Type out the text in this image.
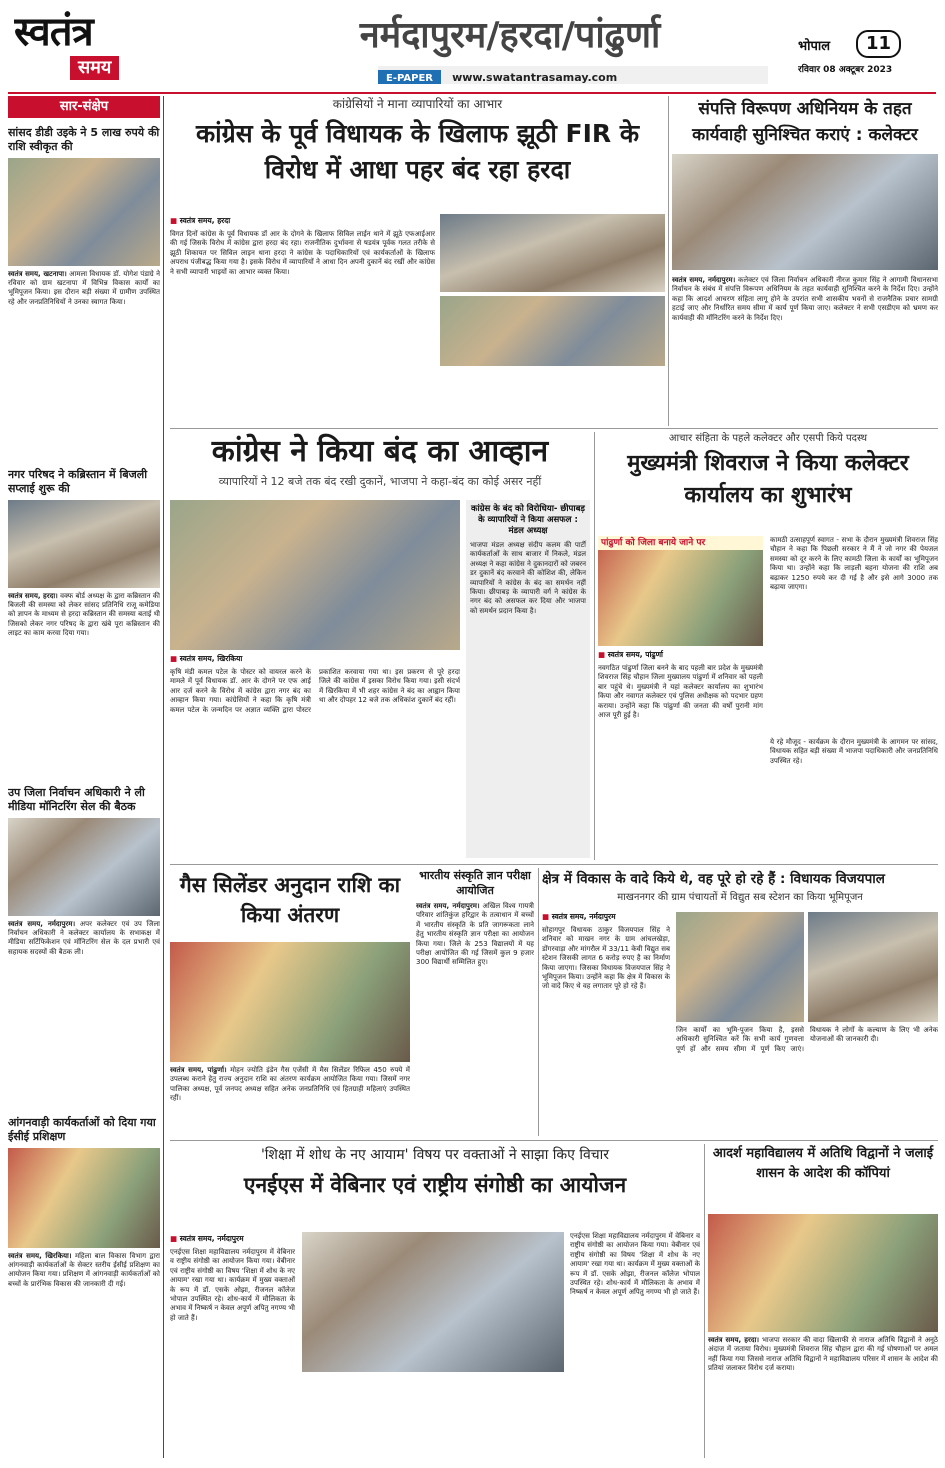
स्वतंत्र
समय
नर्मदापुरम/हरदा/पांढुर्णा
E-PAPER www.swatantrasamay.com
भोपाल	11
रविवार 08 अक्टूबर 2023
सार-संक्षेप
सांसद डीडी उइके ने 5 लाख रुपये की राशि स्वीकृत की
स्वतंत्र समय, खटनापा। आमला विधायक डॉ. योगेश पंडाग्रे ने रविवार को ग्राम खटनापा में विभिन्न विकास कार्यों का भूमिपूजन किया। इस दौरान बड़ी संख्या में ग्रामीण उपस्थित रहे और जनप्रतिनिधियों ने उनका स्वागत किया।
नगर परिषद ने कब्रिस्तान में बिजली सप्लाई शुरू की
स्वतंत्र समय, हरदा। वक्फ बोर्ड अध्यक्ष के द्वारा कब्रिस्तान की बिजली की समस्या को लेकर सांसद प्रतिनिधि राजू कमेडिया को ज्ञापन के माध्यम से हरदा कब्रिस्तान की समस्या बताई थी जिसको लेकर नगर परिषद के द्वारा खंबे पूरा कब्रिस्तान की लाइट का काम करवा दिया गया।
उप जिला निर्वाचन अधिकारी ने ली मीडिया मॉनिटरिंग सेल की बैठक
स्वतंत्र समय, नर्मदापुरम। अपर कलेक्टर एवं उप जिला निर्वाचन अधिकारी ने कलेक्टर कार्यालय के सभाकक्ष में मीडिया सर्टिफिकेशन एवं मॉनिटरिंग सेल के दल प्रभारी एवं सहायक सदस्यों की बैठक ली।
आंगनवाड़ी कार्यकर्ताओं को दिया गया ईसीई प्रशिक्षण
स्वतंत्र समय, खिरकिया। महिला बाल विकास विभाग द्वारा आंगनवाड़ी कार्यकर्ताओं के सेक्टर स्तरीय ईसीई प्रशिक्षण का आयोजन किया गया। प्रशिक्षण में आंगनवाड़ी कार्यकर्ताओं को बच्चों के प्रारंभिक विकास की जानकारी दी गई।
कांग्रेसियों ने माना व्यापारियों का आभार
कांग्रेस के पूर्व विधायक के खिलाफ झूठी FIR के विरोध में आधा पहर बंद रहा हरदा
■ स्वतंत्र समय, हरदा
विगत दिनों कांग्रेस के पूर्व विधायक डॉ आर के दोगने के खिलाफ सिविल लाईन थाने में झूठे एफआईआर की गई जिसके विरोध में कांग्रेस द्वारा हरदा बंद रहा। राजनीतिक दुर्भावना से षडयंत्र पूर्वक गलत तरीके से झूठी शिकायत पर सिविल लाइन थाना हरदा ने कांग्रेस के पदाधिकारियों एवं कार्यकर्ताओं के खिलाफ अपराध पंजीबद्ध किया गया है। इसके विरोध में व्यापारियों ने आधा दिन अपनी दुकानें बंद रखीं और कांग्रेस ने सभी व्यापारी भाइयों का आभार व्यक्त किया।
संपत्ति विरूपण अधिनियम के तहत कार्यवाही सुनिश्चित कराएं : कलेक्टर
स्वतंत्र समय, नर्मदापुरम। कलेक्टर एवं जिला निर्वाचन अधिकारी नीरज कुमार सिंह ने आगामी विधानसभा निर्वाचन के संबंध में संपत्ति विरूपण अधिनियम के तहत कार्यवाही सुनिश्चित करने के निर्देश दिए। उन्होंने कहा कि आदर्श आचरण संहिता लागू होने के उपरांत सभी शासकीय भवनों से राजनैतिक प्रचार सामग्री हटाई जाए और निर्धारित समय सीमा में कार्य पूर्ण किया जाए। कलेक्टर ने सभी एसडीएम को भ्रमण कर कार्यवाही की मॉनिटरिंग करने के निर्देश दिए।
कांग्रेस ने किया बंद का आव्हान
व्यापारियों ने 12 बजे तक बंद रखी दुकानें, भाजपा ने कहा-बंद का कोई असर नहीं
■ स्वतंत्र समय, खिरकिया
कृषि मंडी कमल पटेल के पोस्टर को वायरल करने के मामले में पूर्व विधायक डॉ. आर के दोगने पर एफ आई आर दर्ज करने के विरोध में कांग्रेस द्वारा नगर बंद का आव्हान किया गया। कांग्रेसियों ने कहा कि कृषि मंत्री कमल पटेल के जन्मदिन पर अज्ञात व्यक्ति द्वारा पोस्टर प्रकाशित करवाया गया था। इस प्रकरण से पूरे हरदा जिले की कांग्रेस में इसका विरोध किया गया। इसी संदर्भ में खिरकिया में भी शहर कांग्रेस ने बंद का आह्वान किया था और दोपहर 12 बजे तक अधिकांश दुकानें बंद रहीं।
कांग्रेस के बंद को विरोधिया- छीपाबड़ के व्यापारियों ने किया असफल : मंडल अध्यक्ष
भाजपा मंडल अध्यक्ष संदीप कलम की पार्टी कार्यकर्ताओं के साथ बाजार में निकले, मंडल अध्यक्ष ने कहा कांग्रेस ने दुकानदारों को जबरन डर दुकानें बंद करवाने की कोशिश की, लेकिन व्यापारियों ने कांग्रेस के बंद का समर्थन नहीं किया। छीपाबड़ के व्यापारी वर्ग ने कांग्रेस के नगर बंद को असफल कर दिया और भाजपा को समर्थन प्रदान किया है।
आचार संहिता के पहले कलेक्टर और एसपी किये पदस्थ
मुख्यमंत्री शिवराज ने किया कलेक्टर कार्यालय का शुभारंभ
पांढुर्णा को जिला बनाये जाने पर
■ स्वतंत्र समय, पांढुर्णा
नवगठित पांढुर्णा जिला बनने के बाद पहली बार प्रदेश के मुख्यमंत्री शिवराज सिंह चौहान जिला मुख्यालय पांढुर्णा में शनिवार को पहली बार पहुंचे थे। मुख्यमंत्री ने यहां कलेक्टर कार्यालय का शुभारंभ किया और नवागत कलेक्टर एवं पुलिस अधीक्षक को पदभार ग्रहण कराया। उन्होंने कहा कि पांढुर्णा की जनता की वर्षों पुरानी मांग आज पूरी हुई है।
कामठी उत्साहपूर्ण स्वागत - सभा के दौरान मुख्यमंत्री शिवराज सिंह चौहान ने कहा कि पिछली सरकार ने मैं ने जो नगर की पेयजल समस्या को दूर करने के लिए कामठी जिला के कार्यों का भूमिपूजन किया था। उन्होंने कहा कि लाड़ली बहना योजना की राशि अब बढ़ाकर 1250 रुपये कर दी गई है और इसे आगे 3000 तक बढ़ाया जाएगा।
ये रहे मौजूद - कार्यक्रम के दौरान मुख्यमंत्री के आगमन पर सांसद, विधायक सहित बड़ी संख्या में भाजपा पदाधिकारी और जनप्रतिनिधि उपस्थित रहे।
गैस सिलेंडर अनुदान राशि का किया अंतरण
स्वतंत्र समय, पांढुर्णा। मोहन ज्योति इंडेन गैस एजेंसी में मैस सिलेंडर रिफिल 450 रुपये में उपलब्ध कराने हेतु राज्य अनुदान राशि का अंतरण कार्यक्रम आयोजित किया गया। जिसमें नगर पालिका अध्यक्ष, पूर्व जनपद अध्यक्ष सहित अनेक जनप्रतिनिधि एवं हितग्राही महिलाएं उपस्थित रहीं।
भारतीय संस्कृति ज्ञान परीक्षा आयोजित
स्वतंत्र समय, नर्मदापुरम। अखिल विश्व गायत्री परिवार शांतिकुंज हरिद्वार के तत्वाधान में बच्चों में भारतीय संस्कृति के प्रति जागरूकता लाने हेतु भारतीय संस्कृति ज्ञान परीक्षा का आयोजन किया गया। जिले के 253 विद्यालयों में यह परीक्षा आयोजित की गई जिसमें कुल 9 हजार 300 विद्यार्थी सम्मिलित हुए।
क्षेत्र में विकास के वादे किये थे, वह पूरे हो रहे हैं : विधायक विजयपाल
माखननगर की ग्राम पंचायतों में विद्युत सब स्टेशन का किया भूमिपूजन
■ स्वतंत्र समय, नर्मदापुरम
सोहागपुर विधायक ठाकुर विजयपाल सिंह ने शनिवार को माखन नगर के ग्राम आंचलखेड़ा, डोंगरवाड़ा और मांगरौल में 33/11 केवी विद्युत सब स्टेशन जिसकी लागत 6 करोड़ रुपए है का निर्माण किया जाएगा। जिसका विधायक विजयपाल सिंह ने भूमिपूजन किया। उन्होंने कहा कि क्षेत्र में विकास के जो वादे किए थे वह लगातार पूरे हो रहे हैं।
जिन कार्यों का भूमि-पूजन किया है, इससे अधिकारी सुनिश्चित करें कि सभी कार्य गुणवत्ता पूर्ण हों और समय सीमा में पूर्ण किए जाएं। विधायक ने लोगों के कल्याण के लिए भी अनेक योजनाओं की जानकारी दी।
'शिक्षा में शोध के नए आयाम' विषय पर वक्ताओं ने साझा किए विचार
एनईएस में वेबिनार एवं राष्ट्रीय संगोष्ठी का आयोजन
■ स्वतंत्र समय, नर्मदापुरम
एनईएस शिक्षा महाविद्यालय नर्मदापुरम में वेबिनार व राष्ट्रीय संगोष्ठी का आयोजन किया गया। वेबीनार एवं राष्ट्रीय संगोष्ठी का विषय 'शिक्षा में शोध के नए आयाम' रखा गया था। कार्यक्रम में मुख्य वक्ताओं के रूप में डॉ. एसके ओझा, रीजनल कॉलेज भोपाल उपस्थित रहे। शोध-कार्य में मौलिकता के अभाव में निष्कर्ष न केवल अपूर्ण अपितु नगण्य भी हो जाते हैं।
एनईएस शिक्षा महाविद्यालय नर्मदापुरम में वेबिनार व राष्ट्रीय संगोष्ठी का आयोजन किया गया। वेबीनार एवं राष्ट्रीय संगोष्ठी का विषय 'शिक्षा में शोध के नए आयाम' रखा गया था। कार्यक्रम में मुख्य वक्ताओं के रूप में डॉ. एसके ओझा, रीजनल कॉलेज भोपाल उपस्थित रहे। शोध-कार्य में मौलिकता के अभाव में निष्कर्ष न केवल अपूर्ण अपितु नगण्य भी हो जाते हैं।
आदर्श महाविद्यालय में अतिथि विद्वानों ने जलाई शासन के आदेश की कॉपियां
स्वतंत्र समय, हरदा। भाजपा सरकार की वादा खिलाफी से नाराज अतिथि विद्वानों ने अनूठे अंदाज में जताया विरोध। मुख्यमंत्री शिवराज सिंह चौहान द्वारा की गई घोषणाओं पर अमल नहीं किया गया जिससे नाराज अतिथि विद्वानों ने महाविद्यालय परिसर में शासन के आदेश की प्रतियां जलाकर विरोध दर्ज कराया।
